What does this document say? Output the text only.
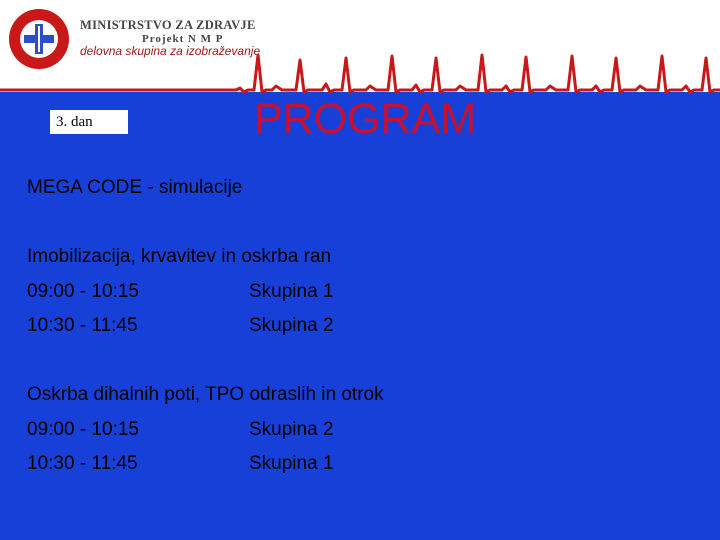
MINISTRSTVO ZA ZDRAVJE
Projekt N M P
delovna skupina za izobraževanje
3. dan	PROGRAM
MEGA CODE - simulacije
Imobilizacija, krvavitev in oskrba ran
09:00 - 10:15	Skupina 1
10:30 - 11:45	Skupina 2
Oskrba dihalnih poti, TPO odraslih in otrok
09:00 - 10:15	Skupina 2
10:30 - 11:45	Skupina 1
